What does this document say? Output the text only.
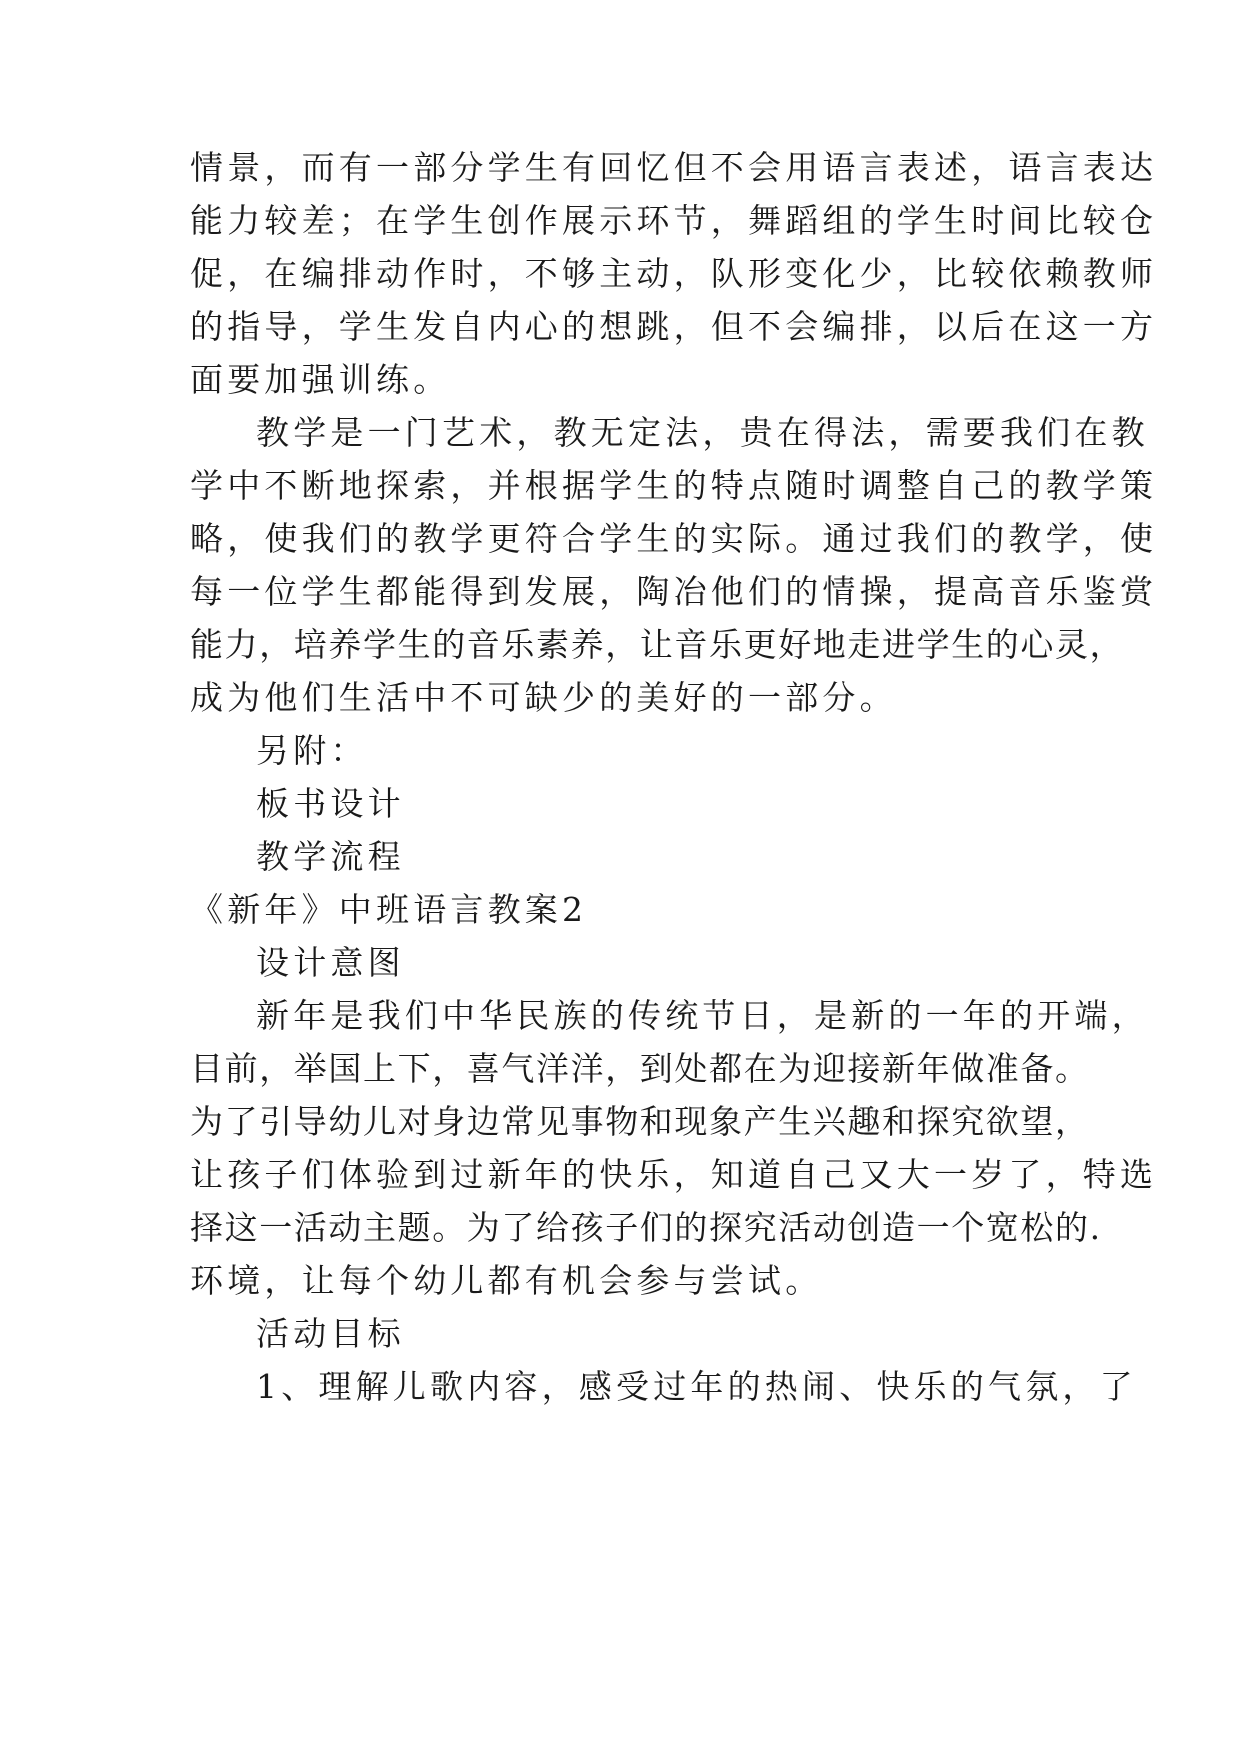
情景，而有一部分学生有回忆但不会用语言表述，语言表达
能力较差；在学生创作展示环节，舞蹈组的学生时间比较仓
促，在编排动作时，不够主动，队形变化少，比较依赖教师
的指导，学生发自内心的想跳，但不会编排，以后在这一方
面要加强训练。
教学是一门艺术，教无定法，贵在得法，需要我们在教
学中不断地探索，并根据学生的特点随时调整自己的教学策
略，使我们的教学更符合学生的实际。通过我们的教学，使
每一位学生都能得到发展，陶冶他们的情操，提高音乐鉴赏
能力，培养学生的音乐素养，让音乐更好地走进学生的心灵，
成为他们生活中不可缺少的美好的一部分。
另附：
板书设计
教学流程
《新年》中班语言教案2
设计意图
新年是我们中华民族的传统节日，是新的一年的开端，
目前，举国上下，喜气洋洋，到处都在为迎接新年做准备。
为了引导幼儿对身边常见事物和现象产生兴趣和探究欲望，
让孩子们体验到过新年的快乐，知道自己又大一岁了，特选
择这一活动主题。为了给孩子们的探究活动创造一个宽松的.
环境，让每个幼儿都有机会参与尝试。
活动目标
1、理解儿歌内容，感受过年的热闹、快乐的气氛，了
